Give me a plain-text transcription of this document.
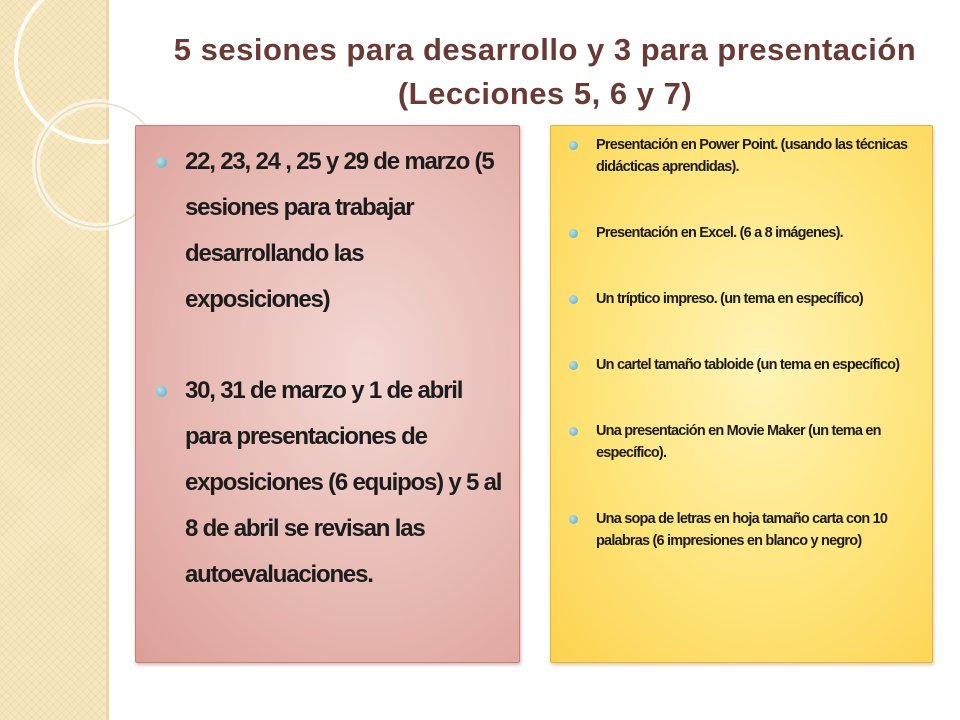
5 sesiones para desarrollo y 3 para presentación (Lecciones 5, 6 y 7)
22, 23, 24 , 25 y 29 de marzo (5 sesiones para trabajar desarrollando las exposiciones)
30, 31 de marzo y 1 de abril para presentaciones de exposiciones (6 equipos) y 5 al 8 de abril se revisan las autoevaluaciones.
Presentación en Power Point. (usando las técnicas didácticas aprendidas).
Presentación en Excel. (6 a 8 imágenes).
Un tríptico impreso. (un tema en específico)
Un cartel tamaño tabloide (un tema en específico)
Una presentación en Movie Maker (un tema en específico).
Una sopa de letras en hoja tamaño carta con 10 palabras (6 impresiones en blanco y negro)
